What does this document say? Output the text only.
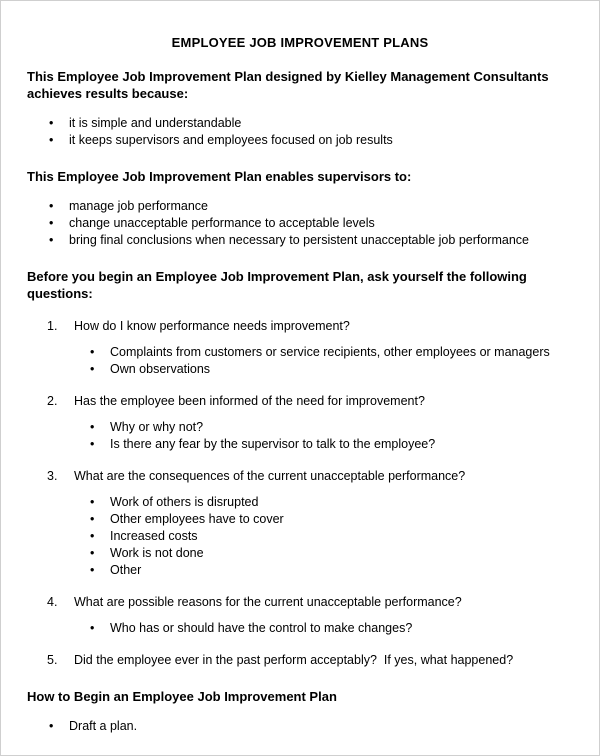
EMPLOYEE JOB IMPROVEMENT PLANS

This Employee Job Improvement Plan designed by Kielley Management Consultants achieves results because:

•	it is simple and understandable
•	it keeps supervisors and employees focused on job results

This Employee Job Improvement Plan enables supervisors to:

•	manage job performance
•	change unacceptable performance to acceptable levels
•	bring final conclusions when necessary to persistent unacceptable job performance

Before you begin an Employee Job Improvement Plan, ask yourself the following questions:

1.	How do I know performance needs improvement?
•	Complaints from customers or service recipients, other employees or managers
•	Own observations
2.	Has the employee been informed of the need for improvement?
•	Why or why not?
•	Is there any fear by the supervisor to talk to the employee?
3.	What are the consequences of the current unacceptable performance?
•	Work of others is disrupted
•	Other employees have to cover
•	Increased costs
•	Work is not done
•	Other
4.	What are possible reasons for the current unacceptable performance?
•	Who has or should have the control to make changes?
5.	Did the employee ever in the past perform acceptably?  If yes, what happened?

How to Begin an Employee Job Improvement Plan

•	Draft a plan.
